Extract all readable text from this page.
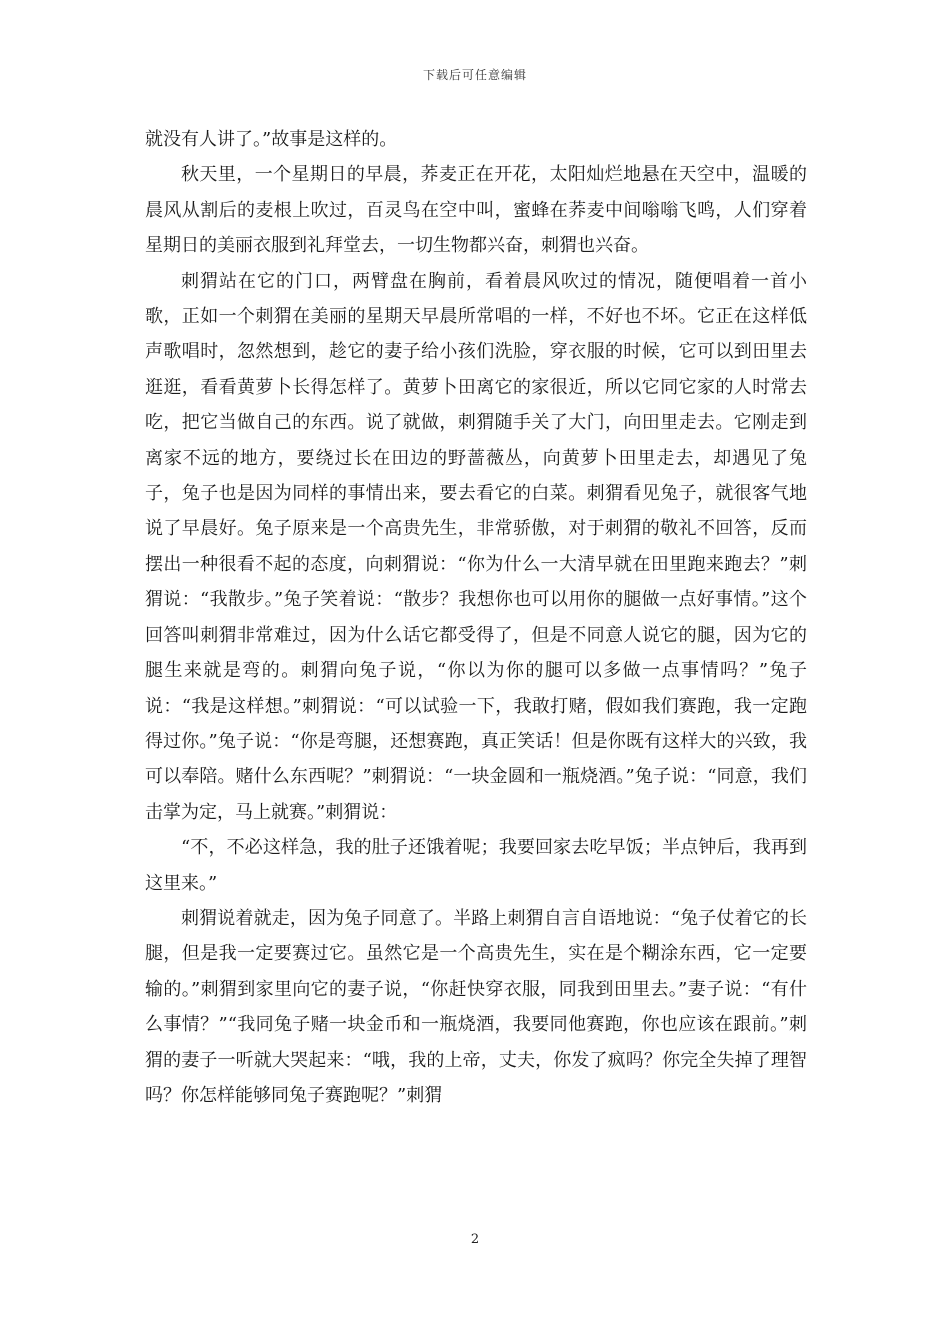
下载后可任意编辑

就没有人讲了。”故事是这样的。

秋天里，一个星期日的早晨，荞麦正在开花，太阳灿烂地悬在天空中，温暖的晨风从割后的麦根上吹过，百灵鸟在空中叫，蜜蜂在荞麦中间嗡嗡飞鸣，人们穿着星期日的美丽衣服到礼拜堂去，一切生物都兴奋，刺猬也兴奋。

刺猬站在它的门口，两臂盘在胸前，看着晨风吹过的情况，随便唱着一首小歌，正如一个刺猬在美丽的星期天早晨所常唱的一样，不好也不坏。它正在这样低声歌唱时，忽然想到，趁它的妻子给小孩们洗脸，穿衣服的时候，它可以到田里去逛逛，看看黄萝卜长得怎样了。黄萝卜田离它的家很近，所以它同它家的人时常去吃，把它当做自己的东西。说了就做，刺猬随手关了大门，向田里走去。它刚走到离家不远的地方，要绕过长在田边的野蔷薇丛，向黄萝卜田里走去，却遇见了兔子，兔子也是因为同样的事情出来，要去看它的白菜。刺猬看见兔子，就很客气地说了早晨好。兔子原来是一个高贵先生，非常骄傲，对于刺猬的敬礼不回答，反而摆出一种很看不起的态度，向刺猬说：“你为什么一大清早就在田里跑来跑去？”刺猬说：“我散步。”兔子笑着说：“散步？我想你也可以用你的腿做一点好事情。”这个回答叫刺猬非常难过，因为什么话它都受得了，但是不同意人说它的腿，因为它的腿生来就是弯的。刺猬向兔子说，“你以为你的腿可以多做一点事情吗？”兔子说：“我是这样想。”刺猬说：“可以试验一下，我敢打赌，假如我们赛跑，我一定跑得过你。”兔子说：“你是弯腿，还想赛跑，真正笑话！但是你既有这样大的兴致，我可以奉陪。赌什么东西呢？”刺猬说：“一块金圆和一瓶烧酒。”兔子说：“同意，我们击掌为定，马上就赛。”刺猬说：

“不，不必这样急，我的肚子还饿着呢；我要回家去吃早饭；半点钟后，我再到这里来。”

刺猬说着就走，因为兔子同意了。半路上刺猬自言自语地说：“兔子仗着它的长腿，但是我一定要赛过它。虽然它是一个高贵先生，实在是个糊涂东西，它一定要输的。”刺猬到家里向它的妻子说，“你赶快穿衣服，同我到田里去。”妻子说：“有什么事情？”“我同兔子赌一块金币和一瓶烧酒，我要同他赛跑，你也应该在跟前。”刺猬的妻子一听就大哭起来：“哦，我的上帝，丈夫，你发了疯吗？你完全失掉了理智吗？你怎样能够同兔子赛跑呢？”刺猬

2
